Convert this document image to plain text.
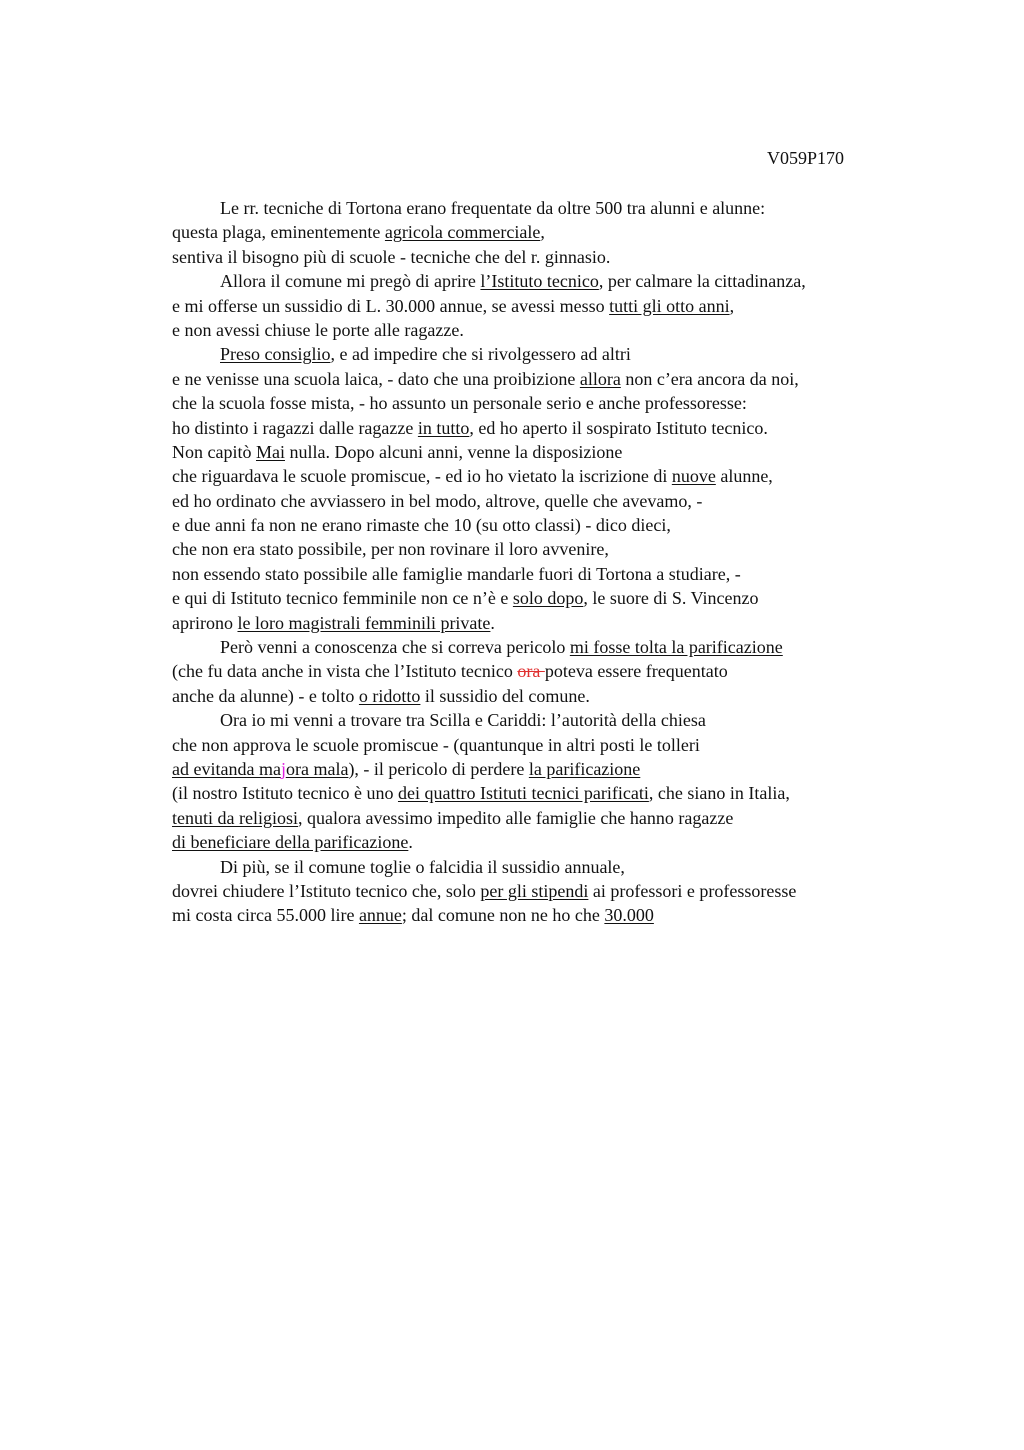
V059P170
Le rr. tecniche di Tortona erano frequentate da oltre 500 tra alunni e alunne:
questa plaga, eminentemente agricola commerciale,
sentiva il bisogno più di scuole - tecniche che del r. ginnasio.
Allora il comune mi pregò di aprire l’Istituto tecnico, per calmare la cittadinanza,
e mi offerse un sussidio di L. 30.000 annue, se avessi messo tutti gli otto anni,
e non avessi chiuse le porte alle ragazze.
Preso consiglio, e ad impedire che si rivolgessero ad altri
e ne venisse una scuola laica, - dato che una proibizione allora non c’era ancora da noi,
che la scuola fosse mista, - ho assunto un personale serio e anche professoresse:
ho distinto i ragazzi dalle ragazze in tutto, ed ho aperto il sospirato Istituto tecnico.
Non capitò Mai nulla. Dopo alcuni anni, venne la disposizione
che riguardava le scuole promiscue, - ed io ho vietato la iscrizione di nuove alunne,
ed ho ordinato che avviassero in bel modo, altrove, quelle che avevamo, -
e due anni fa non ne erano rimaste che 10 (su otto classi) - dico dieci,
che non era stato possibile, per non rovinare il loro avvenire,
non essendo stato possibile alle famiglie mandarle fuori di Tortona a studiare, -
e qui di Istituto tecnico femminile non ce n’è e solo dopo, le suore di S. Vincenzo
aprirono le loro magistrali femminili private.
Però venni a conoscenza che si correva pericolo mi fosse tolta la parificazione
(che fu data anche in vista che l’Istituto tecnico ora poteva essere frequentato
anche da alunne) - e tolto o ridotto il sussidio del comune.
Ora io mi venni a trovare tra Scilla e Cariddi: l’autorità della chiesa
che non approva le scuole promiscue - (quantunque in altri posti le tolleri
ad evitanda majora mala), - il pericolo di perdere la parificazione
(il nostro Istituto tecnico è uno dei quattro Istituti tecnici parificati, che siano in Italia,
tenuti da religiosi, qualora avessimo impedito alle famiglie che hanno ragazze
di beneficiare della parificazione.
Di più, se il comune toglie o falcidia il sussidio annuale,
dovrei chiudere l’Istituto tecnico che, solo per gli stipendi ai professori e professoresse
mi costa circa 55.000 lire annue; dal comune non ne ho che 30.000
